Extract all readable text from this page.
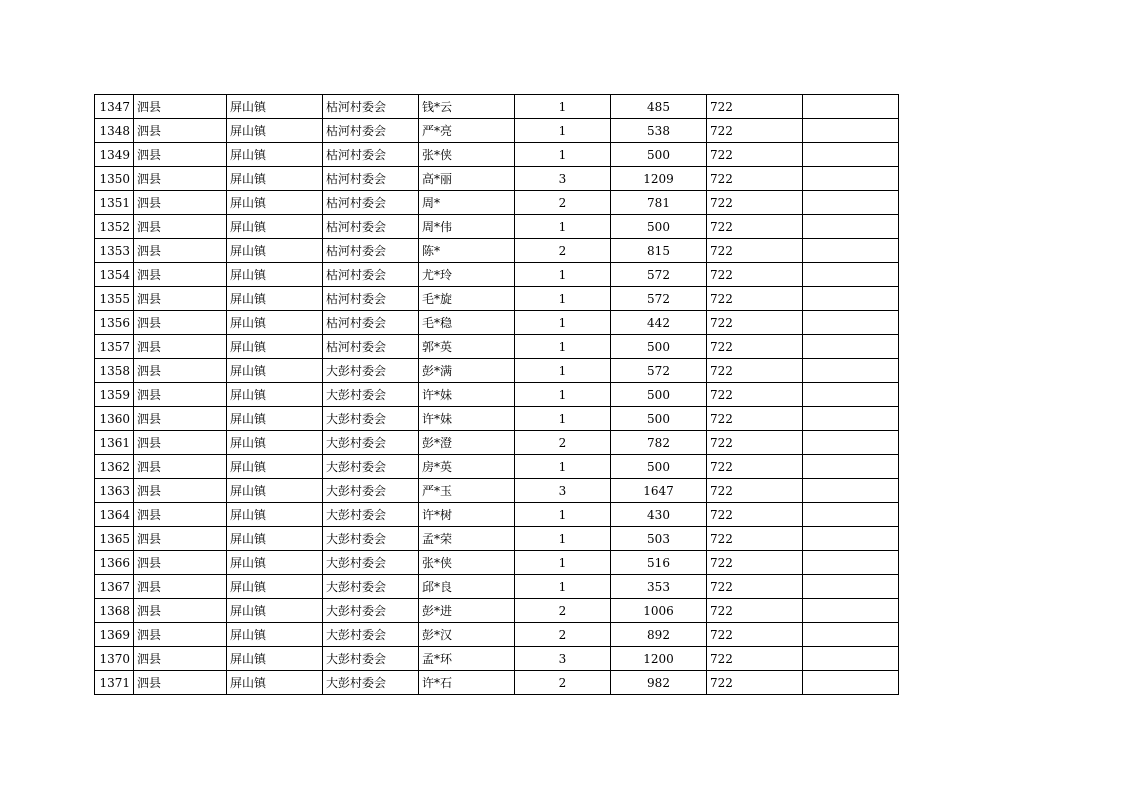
1347	泗县	屏山镇	枯河村委会	钱*云	1	485	722	
1348	泗县	屏山镇	枯河村委会	严*亮	1	538	722	
1349	泗县	屏山镇	枯河村委会	张*侠	1	500	722	
1350	泗县	屏山镇	枯河村委会	高*丽	3	1209	722	
1351	泗县	屏山镇	枯河村委会	周*	2	781	722	
1352	泗县	屏山镇	枯河村委会	周*伟	1	500	722	
1353	泗县	屏山镇	枯河村委会	陈*	2	815	722	
1354	泗县	屏山镇	枯河村委会	尤*玲	1	572	722	
1355	泗县	屏山镇	枯河村委会	毛*旋	1	572	722	
1356	泗县	屏山镇	枯河村委会	毛*稳	1	442	722	
1357	泗县	屏山镇	枯河村委会	郭*英	1	500	722	
1358	泗县	屏山镇	大彭村委会	彭*满	1	572	722	
1359	泗县	屏山镇	大彭村委会	许*妹	1	500	722	
1360	泗县	屏山镇	大彭村委会	许*妹	1	500	722	
1361	泗县	屏山镇	大彭村委会	彭*澄	2	782	722	
1362	泗县	屏山镇	大彭村委会	房*英	1	500	722	
1363	泗县	屏山镇	大彭村委会	严*玉	3	1647	722	
1364	泗县	屏山镇	大彭村委会	许*树	1	430	722	
1365	泗县	屏山镇	大彭村委会	孟*荣	1	503	722	
1366	泗县	屏山镇	大彭村委会	张*侠	1	516	722	
1367	泗县	屏山镇	大彭村委会	邱*良	1	353	722	
1368	泗县	屏山镇	大彭村委会	彭*进	2	1006	722	
1369	泗县	屏山镇	大彭村委会	彭*汉	2	892	722	
1370	泗县	屏山镇	大彭村委会	孟*环	3	1200	722	
1371	泗县	屏山镇	大彭村委会	许*石	2	982	722	
